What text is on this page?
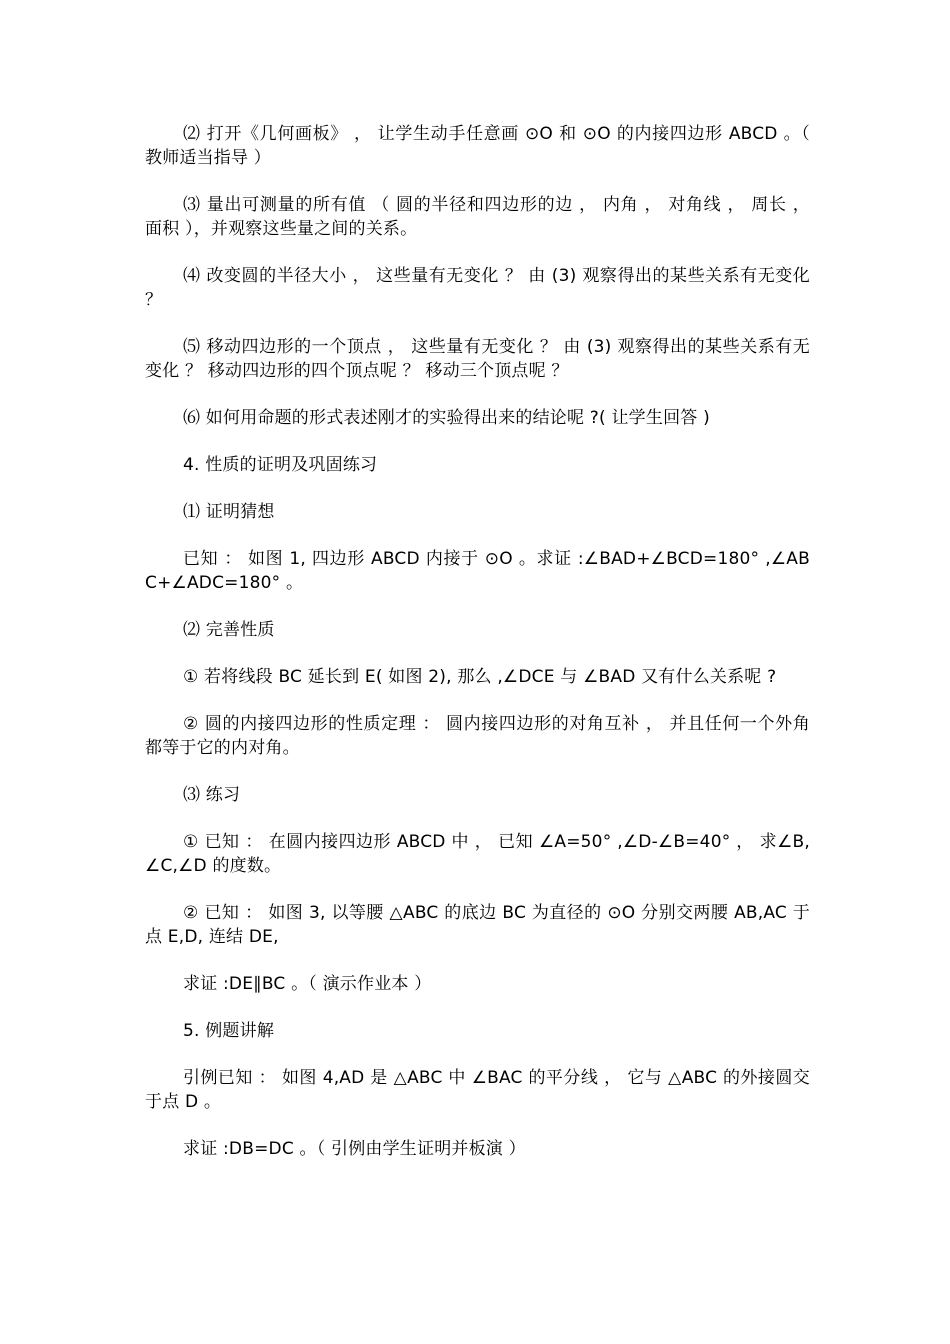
⑵ 打开《几何画板》 ， 让学生动手任意画 ⊙O 和 ⊙O 的内接四边形 ABCD 。（ 教师适当指导 ）

⑶ 量出可测量的所有值 （ 圆的半径和四边形的边 ， 内角 ， 对角线 ， 周长 ， 面积 ），并观察这些量之间的关系。

⑷ 改变圆的半径大小 ， 这些量有无变化 ？ 由 (3) 观察得出的某些关系有无变化 ？

⑸ 移动四边形的一个顶点 ， 这些量有无变化 ？ 由 (3) 观察得出的某些关系有无变化 ？ 移动四边形的四个顶点呢 ？ 移动三个顶点呢 ？

⑹ 如何用命题的形式表述刚才的实验得出来的结论呢 ?( 让学生回答 )

4. 性质的证明及巩固练习

⑴ 证明猜想

已知 ： 如图 1, 四边形 ABCD 内接于 ⊙O 。求证 :∠BAD+∠BCD=180° ,∠ABC+∠ADC=180° 。

⑵ 完善性质

① 若将线段 BC 延长到 E( 如图 2), 那么 ,∠DCE 与 ∠BAD 又有什么关系呢 ?

② 圆的内接四边形的性质定理 ： 圆内接四边形的对角互补 ， 并且任何一个外角都等于它的内对角。

⑶ 练习

① 已知 ： 在圆内接四边形 ABCD 中 ， 已知 ∠A=50° ,∠D-∠B=40° ， 求∠B,∠C,∠D 的度数。

② 已知 ： 如图 3, 以等腰 △ABC 的底边 BC 为直径的 ⊙O 分别交两腰 AB,AC 于点 E,D, 连结 DE,

求证 :DE∥BC 。（ 演示作业本 ）

5. 例题讲解

引例已知 ： 如图 4,AD 是 △ABC 中 ∠BAC 的平分线 ， 它与 △ABC 的外接圆交于点 D 。

求证 :DB=DC 。（ 引例由学生证明并板演 ）
